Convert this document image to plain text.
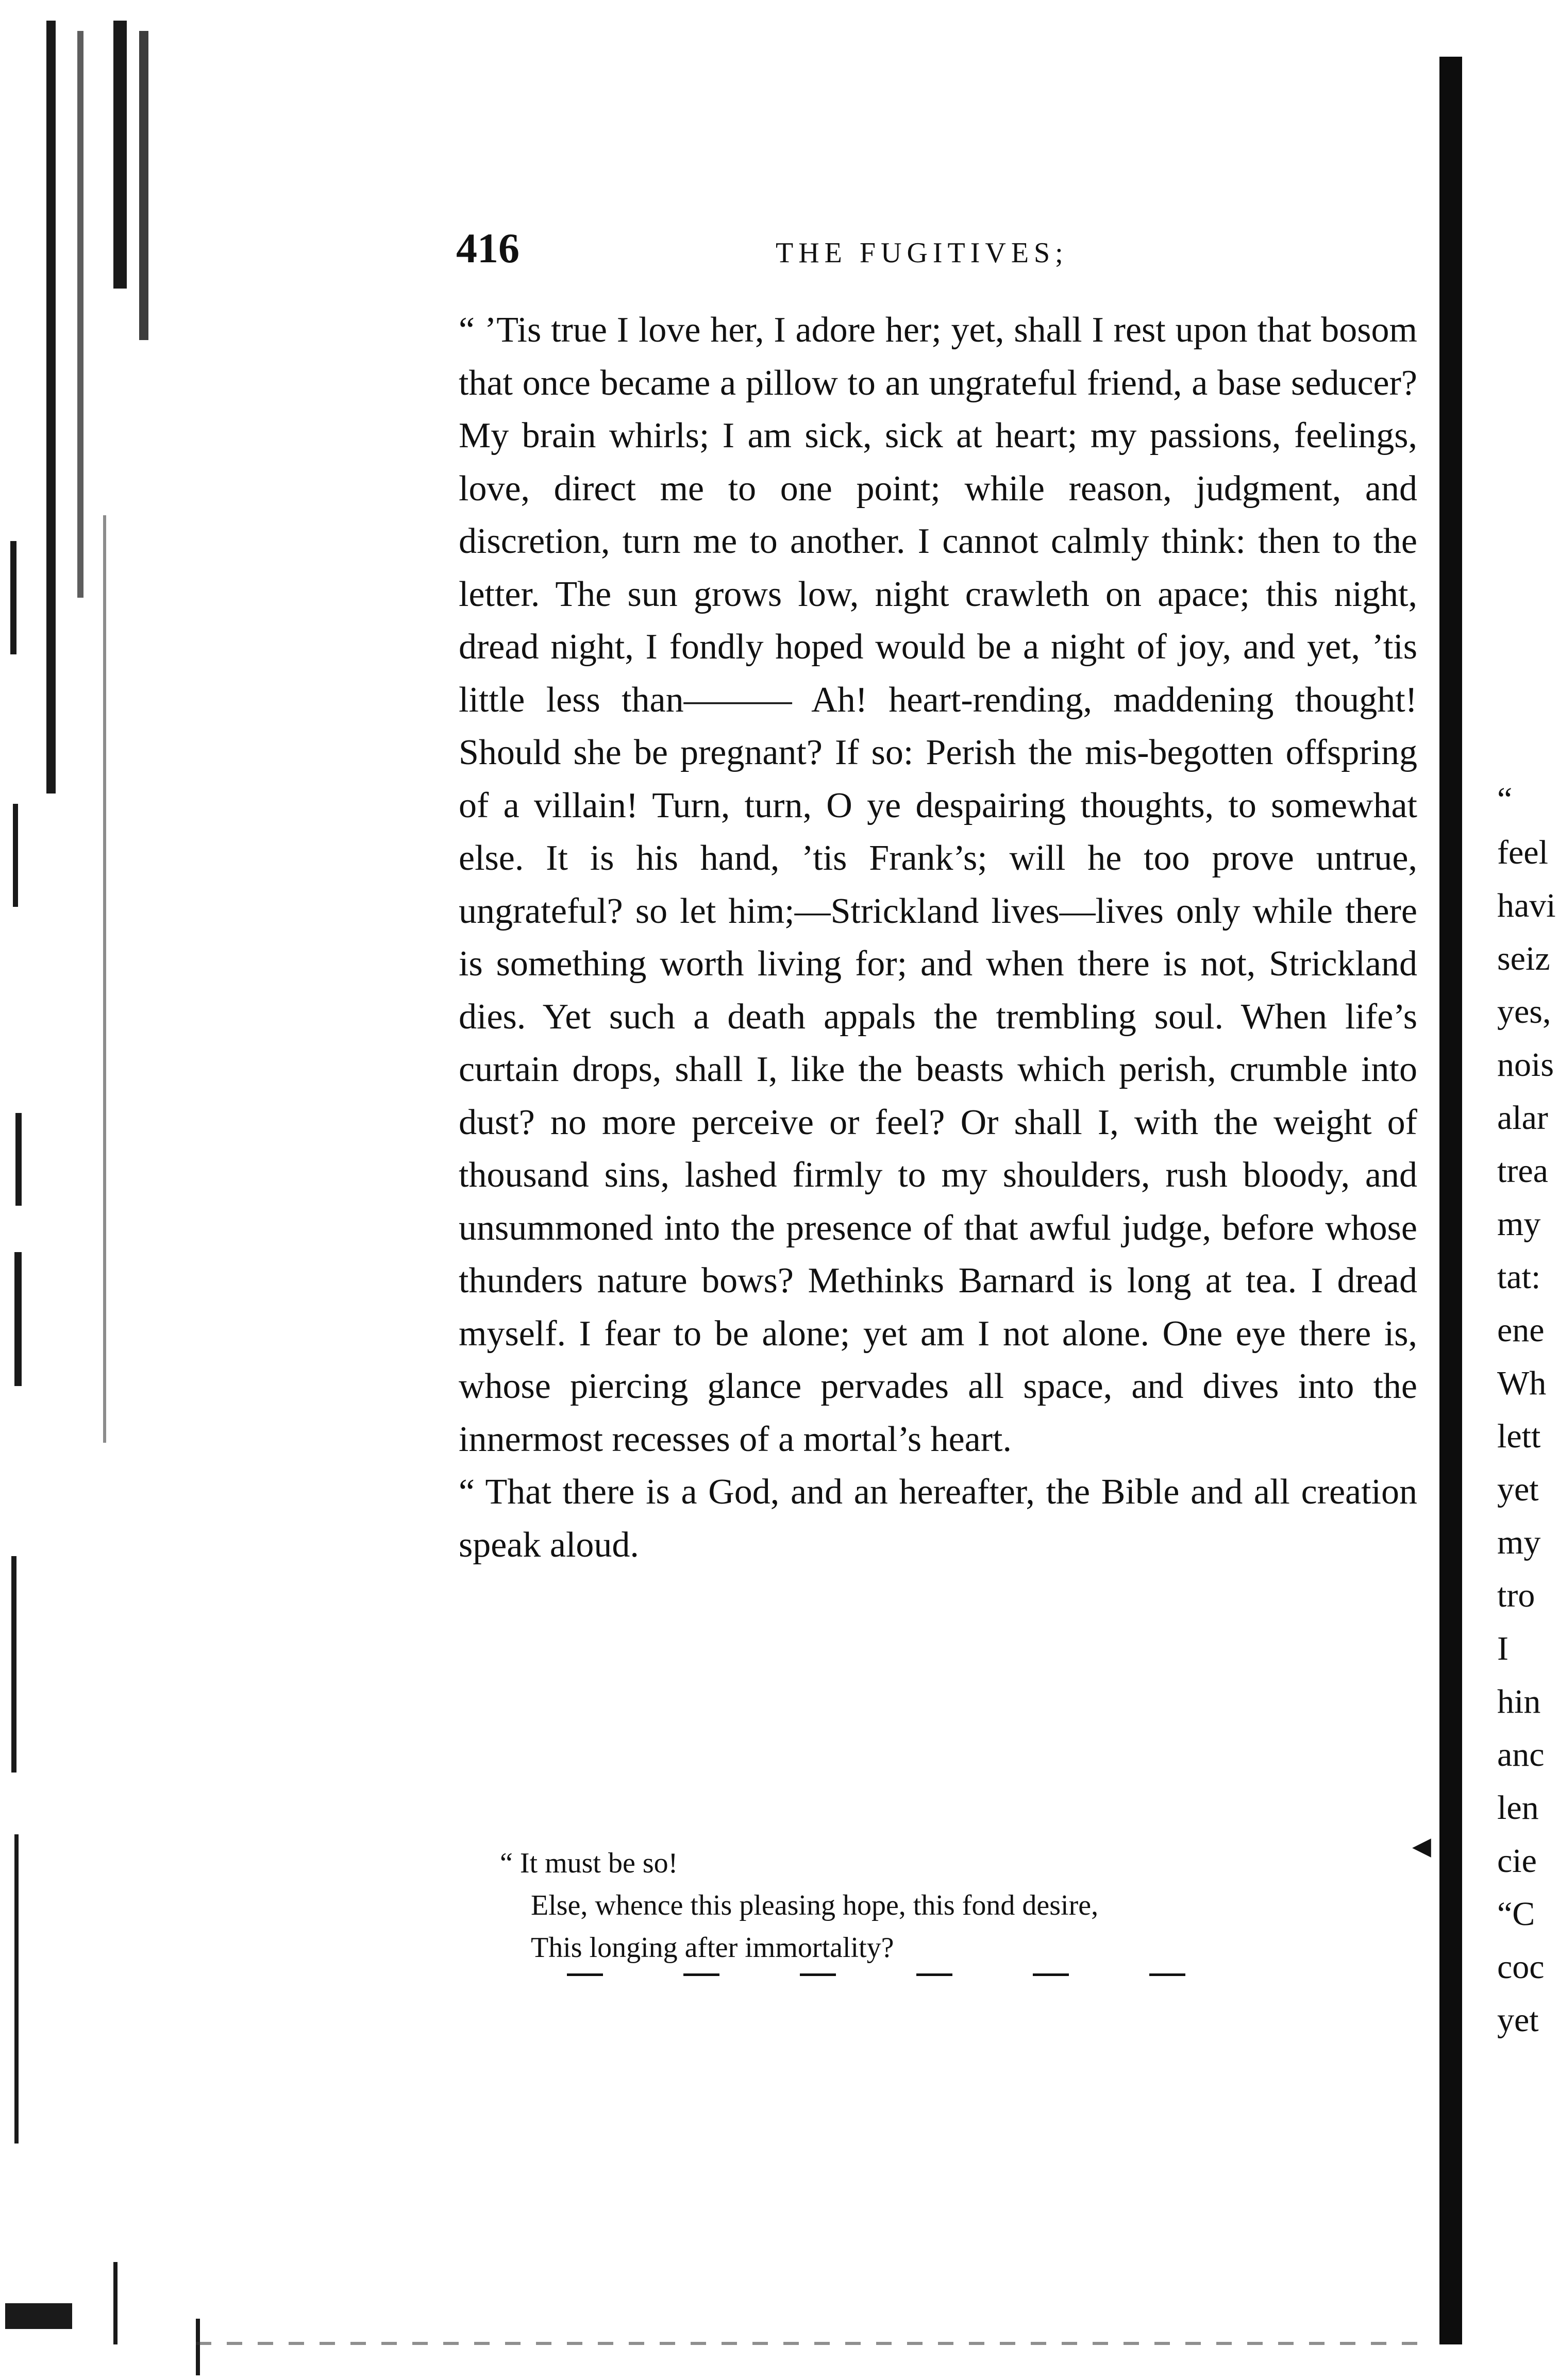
“
feel
havi
seiz
yes,
nois
alar
trea
my
tat:
ene
Wh
lett
yet
my
tro
I
hin
anc
len
cie
“C
coc
yet
416	THE FUGITIVES;

“ ’Tis true I love her, I adore her; yet, shall I rest upon that bosom that once became a pillow to an ungrateful friend, a base seducer? My brain whirls; I am sick, sick at heart; my passions, feelings, love, direct me to one point; while reason, judgment, and discretion, turn me to another. I cannot calmly think: then to the letter. The sun grows low, night crawleth on apace; this night, dread night, I fondly hoped would be a night of joy, and yet, ’tis little less than——— Ah! heart-rending, maddening thought! Should she be pregnant? If so: Perish the mis-begotten offspring of a villain! Turn, turn, O ye despairing thoughts, to somewhat else. It is his hand, ’tis Frank’s; will he too prove untrue, ungrateful? so let him;—Strickland lives—lives only while there is something worth living for; and when there is not, Strickland dies. Yet such a death appals the trembling soul. When life’s curtain drops, shall I, like the beasts which perish, crumble into dust? no more perceive or feel? Or shall I, with the weight of thousand sins, lashed firmly to my shoulders, rush bloody, and unsummoned into the presence of that awful judge, before whose thunders nature bows? Methinks Barnard is long at tea. I dread myself. I fear to be alone; yet am I not alone. One eye there is, whose piercing glance pervades all space, and dives into the innermost recesses of a mortal’s heart.

“ That there is a God, and an hereafter, the Bible and all creation speak aloud.

“ It must be so!
Else, whence this pleasing hope, this fond desire,
This longing after immortality?
◀
